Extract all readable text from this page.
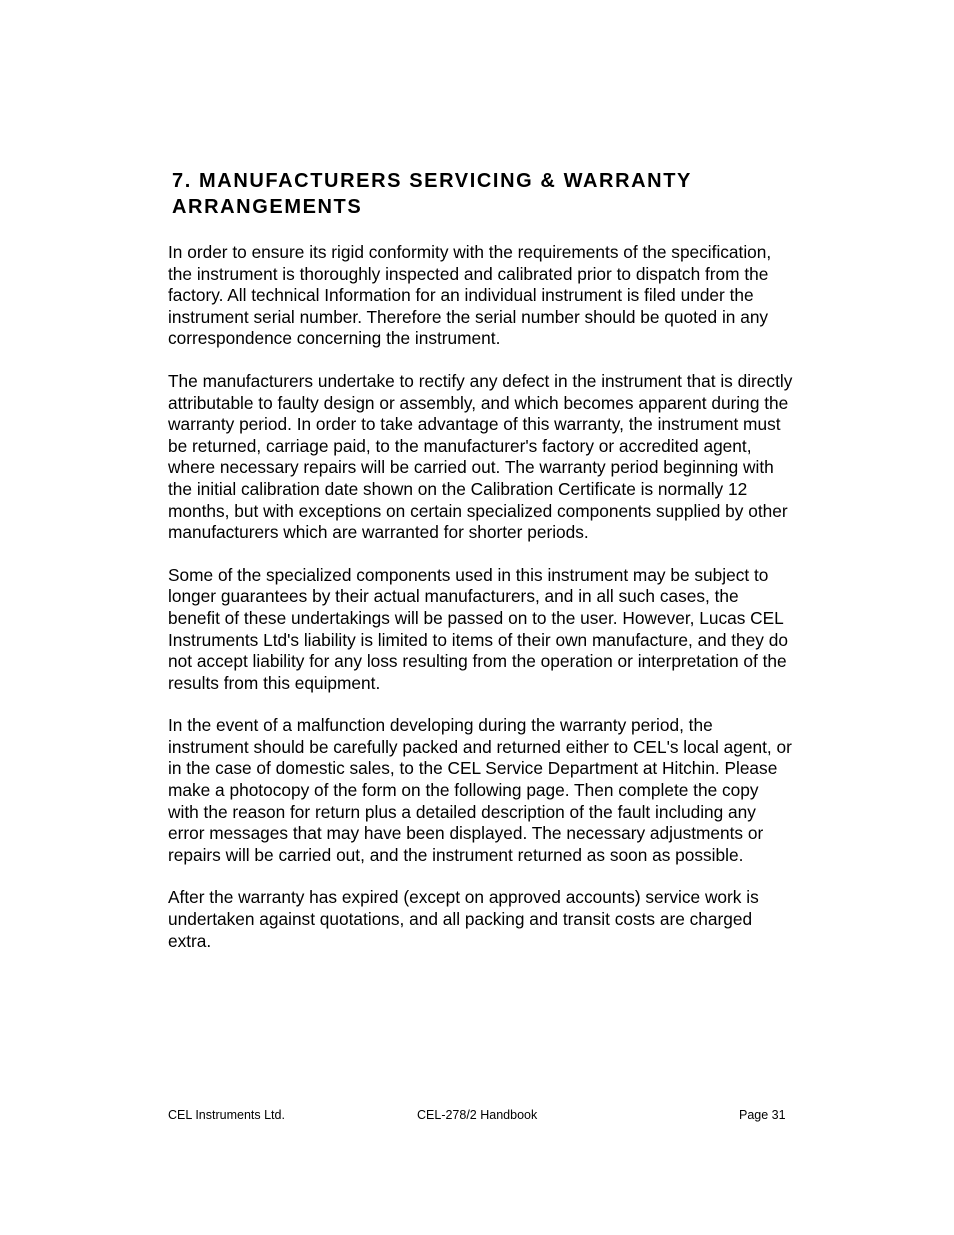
7. MANUFACTURERS SERVICING & WARRANTY
ARRANGEMENTS

In order to ensure its rigid conformity with the requirements of the specification, the instrument is thoroughly inspected and calibrated prior to dispatch from the factory. All technical Information for an individual instrument is filed under the instrument serial number. Therefore the serial number should be quoted in any correspondence concerning the instrument.

The manufacturers undertake to rectify any defect in the instrument that is directly attributable to faulty design or assembly, and which becomes apparent during the warranty period. In order to take advantage of this warranty, the instrument must be returned, carriage paid, to the manufacturer's factory or accredited agent, where necessary repairs will be carried out. The warranty period beginning with the initial calibration date shown on the Calibration Certificate is normally 12 months, but with exceptions on certain specialized components supplied by other manufacturers which are warranted for shorter periods.

Some of the specialized components used in this instrument may be subject to longer guarantees by their actual manufacturers, and in all such cases, the benefit of these undertakings will be passed on to the user. However, Lucas CEL Instruments Ltd's liability is limited to items of their own manufacture, and they do not accept liability for any loss resulting from the operation or interpretation of the results from this equipment.

In the event of a malfunction developing during the warranty period, the instrument should be carefully packed and returned either to CEL's local agent, or in the case of domestic sales, to the CEL Service Department at Hitchin. Please make a photocopy of the form on the following page. Then complete the copy with the reason for return plus a detailed description of the fault including any error messages that may have been displayed. The necessary adjustments or repairs will be carried out, and the instrument returned as soon as possible.

After the warranty has expired (except on approved accounts) service work is undertaken against quotations, and all packing and transit costs are charged extra.

CEL Instruments Ltd.	CEL-278/2 Handbook	Page 31
